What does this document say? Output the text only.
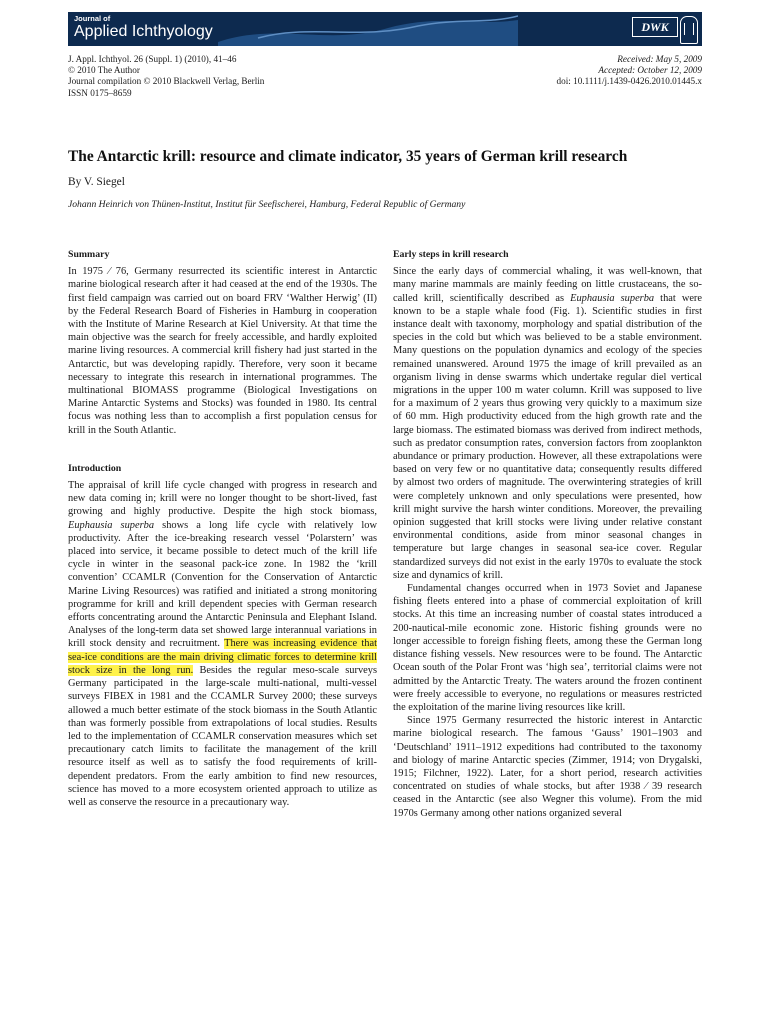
Journal of
Applied Ichthyology	DWK
J. Appl. Ichthyol. 26 (Suppl. 1) (2010), 41–46
© 2010 The Author
Journal compilation © 2010 Blackwell Verlag, Berlin
ISSN 0175–8659
Received: May 5, 2009
Accepted: October 12, 2009
doi: 10.1111/j.1439-0426.2010.01445.x
The Antarctic krill: resource and climate indicator, 35 years of German krill research
By V. Siegel
Johann Heinrich von Thünen-Institut, Institut für Seefischerei, Hamburg, Federal Republic of Germany
Summary

In 1975 ⁄ 76, Germany resurrected its scientific interest in Antarctic marine biological research after it had ceased at the end of the 1930s. The first field campaign was carried out on board FRV ‘Walther Herwig’ (II) by the Federal Research Board of Fisheries in Hamburg in cooperation with the Institute of Marine Research at Kiel University. At that time the main objective was the search for freely accessible, and hardly exploited marine living resources. A commercial krill fishery had just started in the Antarctic, but was developing rapidly. Therefore, very soon it became necessary to integrate this research in international programmes. The multinational BIOMASS programme (Biological Investigations on Marine Antarctic Systems and Stocks) was founded in 1980. Its central focus was nothing less than to accomplish a first population census for krill in the South Atlantic.

Introduction

The appraisal of krill life cycle changed with progress in research and new data coming in; krill were no longer thought to be short-lived, fast growing and highly productive. Despite the high stock biomass, Euphausia superba shows a long life cycle with relatively low productivity. After the ice-breaking research vessel ‘Polarstern’ was placed into service, it became possible to detect much of the krill life cycle in winter in the seasonal pack-ice zone. In 1982 the ‘krill convention’ CCAMLR (Convention for the Conservation of Antarctic Marine Living Resources) was ratified and initiated a strong monitoring programme for krill and krill dependent species with German research efforts concentrating around the Antarctic Peninsula and Elephant Island. Analyses of the long-term data set showed large interannual variations in krill stock density and recruitment. There was increasing evidence that sea-ice conditions are the main driving climatic forces to determine krill stock size in the long run. Besides the regular meso-scale surveys Germany participated in the large-scale multi-national, multi-vessel surveys FIBEX in 1981 and the CCAMLR Survey 2000; these surveys allowed a much better estimate of the stock biomass in the South Atlantic than was formerly possible from extrapolations of local studies. Results led to the implementation of CCAMLR conservation measures which set precautionary catch limits to facilitate the management of the krill resource itself as well as to satisfy the food requirements of krill-dependent predators. From the early ambition to find new resources, science has moved to a more ecosystem oriented approach to utilize as well as conserve the resource in a precautionary way.

Early steps in krill research

Since the early days of commercial whaling, it was well-known, that many marine mammals are mainly feeding on little crustaceans, the so-called krill, scientifically described as Euphausia superba that were known to be a staple whale food (Fig. 1). Scientific studies in first instance dealt with taxonomy, morphology and spatial distribution of the species in the cold but which was believed to be a stable environment. Many questions on the population dynamics and ecology of the species remained unanswered. Around 1975 the image of krill prevailed as an organism living in dense swarms which undertake regular diel vertical migrations in the upper 100 m water column. Krill was supposed to live for a maximum of 2 years thus growing very quickly to a maximum size of 60 mm. High productivity educed from the high growth rate and the large biomass. The estimated biomass was derived from indirect methods, such as predator consumption rates, conversion factors from zooplankton abundance or primary production. However, all these extrapolations were based on very few or no quantitative data; consequently results differed by almost two orders of magnitude. The overwintering strategies of krill were completely unknown and only speculations were presented, how krill might survive the harsh winter conditions. Moreover, the prevailing opinion suggested that krill stocks were living under relative constant environmental conditions, aside from minor seasonal changes in temperature but large changes in seasonal sea-ice cover. Regular standardized surveys did not exist in the early 1970s to evaluate the stock size and dynamics of krill.

Fundamental changes occurred when in 1973 Soviet and Japanese fishing fleets entered into a phase of commercial exploitation of krill stocks. At this time an increasing number of coastal states introduced a 200-nautical-mile economic zone. Historic fishing grounds were no longer accessible to foreign fishing fleets, among these the German long distance fishing vessels. New resources were to be found. The Antarctic Ocean south of the Polar Front was ‘high sea’, territorial claims were not admitted by the Antarctic Treaty. The waters around the frozen continent were freely accessible to everyone, no regulations or measures restricted the exploitation of the marine living resources like krill.

Since 1975 Germany resurrected the historic interest in Antarctic marine biological research. The famous ‘Gauss’ 1901–1903 and ‘Deutschland’ 1911–1912 expeditions had contributed to the taxonomy and biology of marine Antarctic species (Zimmer, 1914; von Drygalski, 1915; Filchner, 1922). Later, for a short period, research activities concentrated on studies of whale stocks, but after 1938 ⁄ 39 research ceased in the Antarctic (see also Wegner this volume). From the mid 1970s Germany among other nations organized several
